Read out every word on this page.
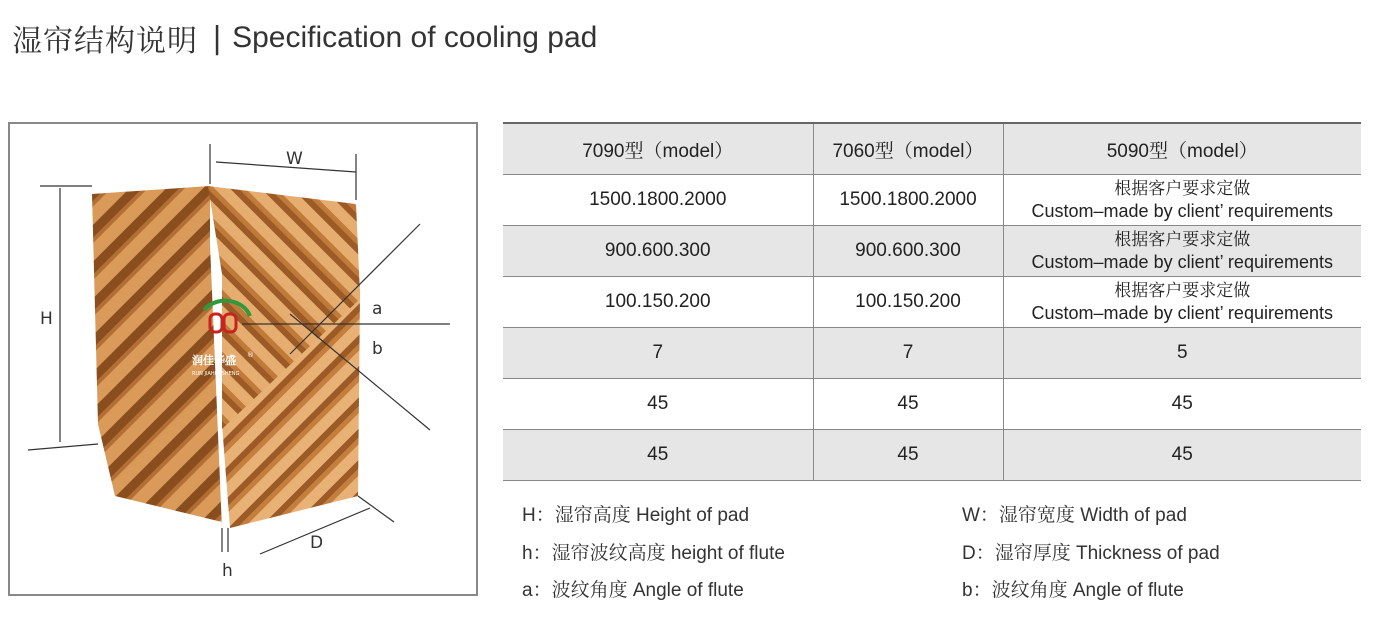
湿帘结构说明 | Specification of cooling pad
润佳华盛 ®
RUN JIAHUASHENG
W
H
h
D
a
b
7090型（model）	7060型（model）	5090型（model）
1500.1800.2000	1500.1800.2000	根据客户要求定做
Custom–made by client’ requirements

900.600.300	900.600.300	根据客户要求定做
Custom–made by client’ requirements

100.150.200	100.150.200	根据客户要求定做
Custom–made by client’ requirements

7	7	5
45	45	45
45	45	45
H：湿帘高度 Height of pad	W：湿帘宽度 Width of pad
h：湿帘波纹高度 height of flute	D：湿帘厚度 Thickness of pad
a：波纹角度 Angle of flute	b：波纹角度 Angle of flute
